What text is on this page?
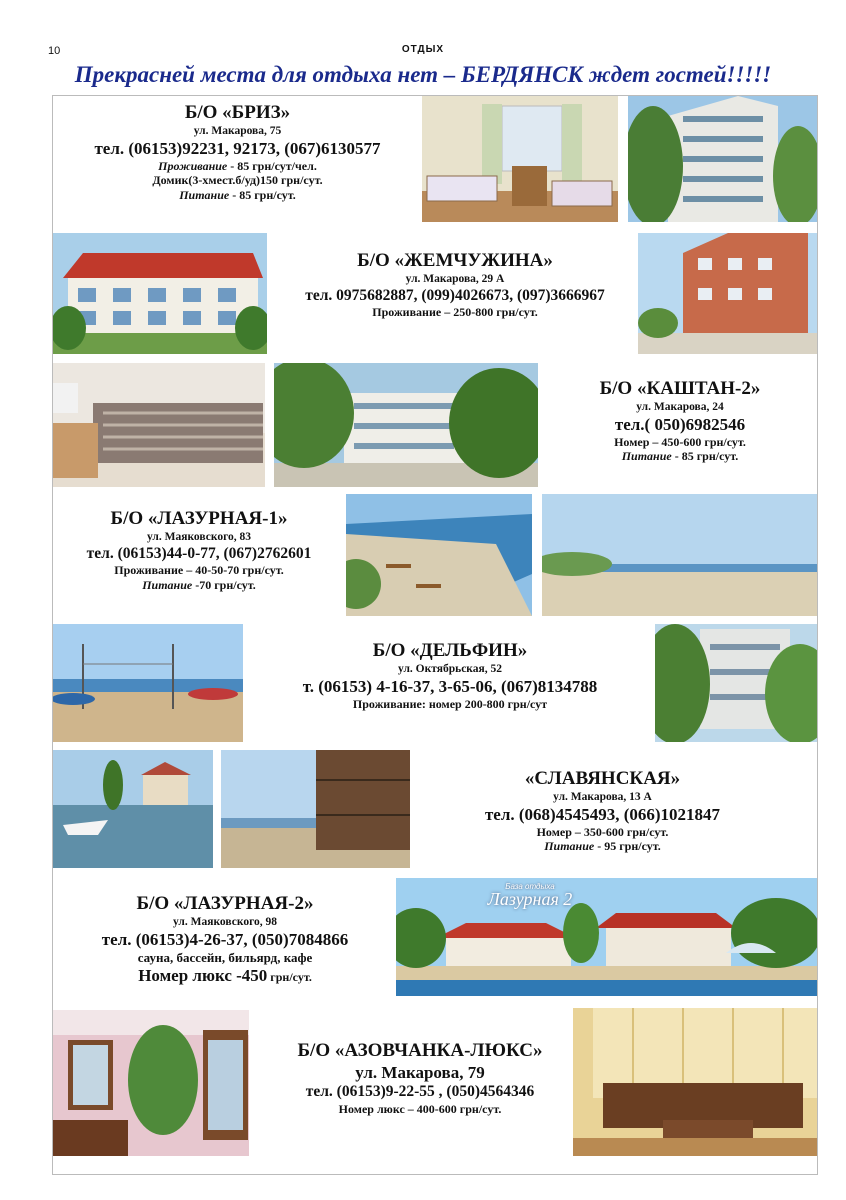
10	ОТДЫХ
Прекрасней места для отдыха нет – БЕРДЯНСК ждет гостей!!!!!
Б/О «БРИЗ»
ул. Макарова, 75
тел. (06153)92231, 92173, (067)6130577
Проживание - 85 грн/сут/чел.
Домик(3-хмест.б/уд)150 грн/сут.
Питание - 85 грн/сут.
Б/О «ЖЕМЧУЖИНА»
ул. Макарова, 29 А
тел. 0975682887, (099)4026673, (097)3666967
Проживание – 250-800 грн/сут.
Б/О «КАШТАН-2»
ул. Макарова, 24
тел.( 050)6982546
Номер – 450-600 грн/сут.
Питание - 85 грн/сут.
Б/О «ЛАЗУРНАЯ-1»
ул. Маяковского, 83
тел. (06153)44-0-77, (067)2762601
Проживание – 40-50-70 грн/сут.
Питание -70 грн/сут.
Б/О «ДЕЛЬФИН»
ул. Октябрьская, 52
т. (06153) 4-16-37, 3-65-06, (067)8134788
Проживание: номер 200-800 грн/сут
«СЛАВЯНСКАЯ»
ул. Макарова, 13 А
тел. (068)4545493, (066)1021847
Номер – 350-600 грн/сут.
Питание - 95 грн/сут.
Б/О «ЛАЗУРНАЯ-2»
ул. Маяковского, 98
тел. (06153)4-26-37, (050)7084866
сауна, бассейн, бильярд, кафе
Номер люкс -450 грн/сут.
База отдыха
Лазурная 2
Б/О «АЗОВЧАНКА-ЛЮКС»
ул. Макарова, 79
тел. (06153)9-22-55 , (050)4564346
Номер люкс – 400-600 грн/сут.
